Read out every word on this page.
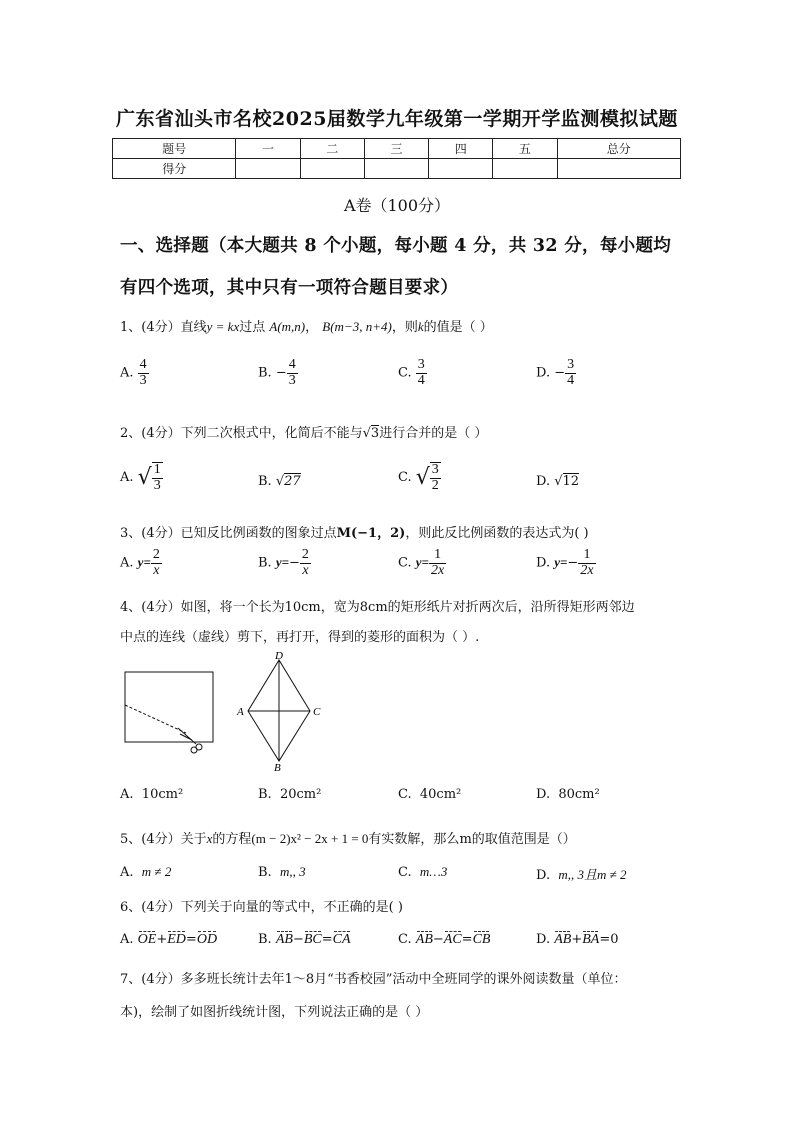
广东省汕头市名校2025届数学九年级第一学期开学监测模拟试题
题号	一	二	三	四	五	总分
得分						
A卷（100分）
一、选择题（本大题共 8 个小题，每小题 4 分，共 32 分，每小题均
有四个选项，其中只有一项符合题目要求）
1、(4分）直线y = kx过点 A(m,n)， B(m−3, n+4)，则k的值是（ ）
A. $\frac{4}{3}$	B. − $\frac{4}{3}$	C. $\frac{3}{4}$	D. − $\frac{3}{4}$
2、(4分）下列二次根式中，化简后不能与√3进行合并的是（ ）
A. √ $\frac{1}{3}$	B. √27	C. √ $\frac{3}{2}$	D. √12
3、(4分）已知反比例函数的图象过点M(−1，2)，则此反比例函数的表达式为( )
A. $y= \frac{2}{x}$	B. $y=- \frac{2}{x}$	C. $y= \frac{1}{2x}$	D. $y=- \frac{1}{2x}$
4、(4分）如图，将一个长为10cm，宽为8cm的矩形纸片对折两次后，沿所得矩形两邻边
中点的连线（虚线）剪下，再打开，得到的菱形的面积为（ ）.
D
A	C
B
A. 10cm²	B. 20cm²	C. 40cm²	D. 80cm²
5、(4分）关于x的方程(m − 2)x² − 2x + 1 = 0有实数解，那么m的取值范围是（）
A. m ≠ 2	B. m,, 3	C. m…3	D. m,, 3且m ≠ 2
6、(4分）下列关于向量的等式中，不正确的是( )
A. OE+ED=OD	B. AB−BC=CA	C. AB−AC=CB	D. AB+BA=0
7、(4分）多多班长统计去年1～8月“书香校园”活动中全班同学的课外阅读数量（单位：
本)，绘制了如图折线统计图，下列说法正确的是（ ）
